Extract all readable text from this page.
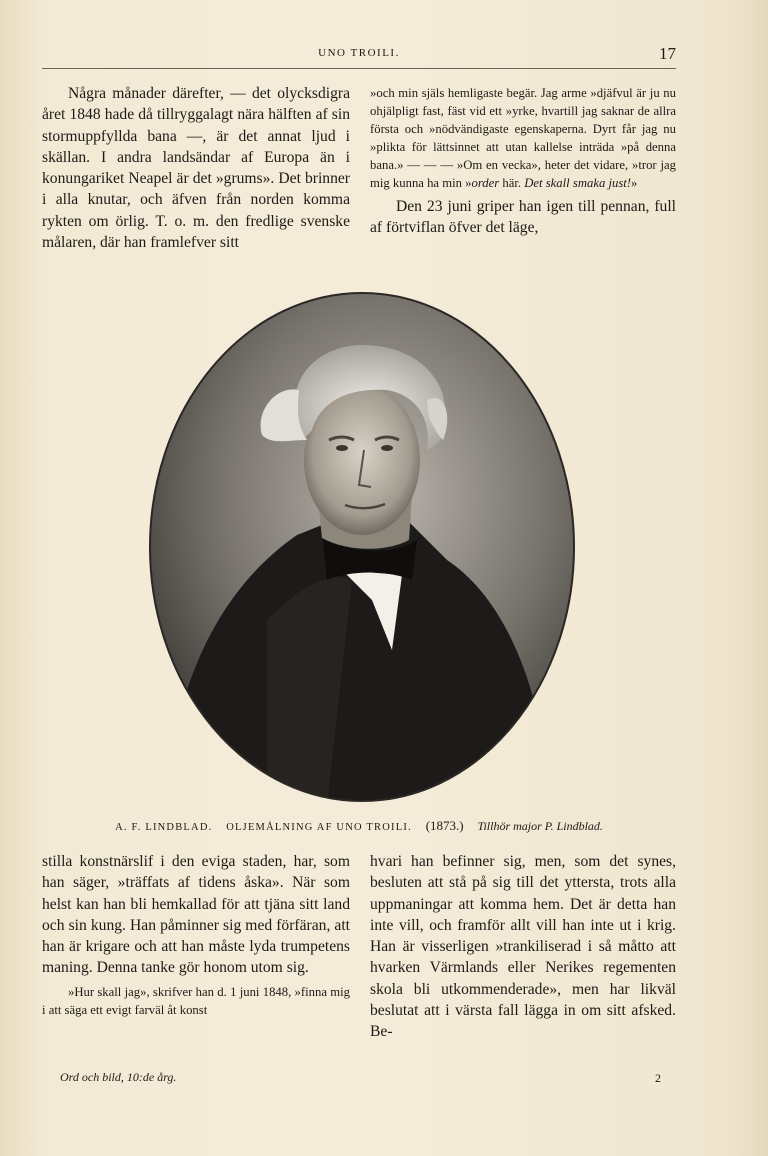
UNO TROILI.	17

Några månader därefter, — det olycksdigra året 1848 hade då tillryggalagt nära hälften af sin stormuppfyllda bana —, är det annat ljud i skällan. I andra landsändar af Europa än i konungariket Neapel är det »grums». Det brinner i alla knutar, och äfven från norden komma rykten om örlig. T. o. m. den fredlige svenske målaren, där han framlefver sitt

»och min själs hemligaste begär. Jag arme »djäfvul är ju nu ohjälpligt fast, fäst vid ett »yrke, hvartill jag saknar de allra första och »nödvändigaste egenskaperna. Dyrt får jag nu »plikta för lättsinnet att utan kallelse inträda »på denna bana.» — — — »Om en vecka», heter det vidare, »tror jag mig kunna ha min »order här. Det skall smaka just!»

Den 23 juni griper han igen till pennan, full af förtviflan öfver det läge,

A. F. LINDBLAD. OLJEMÅLNING AF UNO TROILI. (1873.) Tillhör major P. Lindblad.

stilla konstnärslif i den eviga staden, har, som han säger, »träffats af tidens åska». När som helst kan han bli hemkallad för att tjäna sitt land och sin kung. Han påminner sig med förfäran, att han är krigare och att han måste lyda trumpetens maning. Denna tanke gör honom utom sig.

»Hur skall jag», skrifver han d. 1 juni 1848, »finna mig i att säga ett evigt farväl åt konst

hvari han befinner sig, men, som det synes, besluten att stå på sig till det yttersta, trots alla uppmaningar att komma hem. Det är detta han inte vill, och framför allt vill han inte ut i krig. Han är visserligen »trankiliserad i så måtto att hvarken Värmlands eller Nerikes regementen skola bli utkommenderade», men har likväl beslutat att i värsta fall lägga in om sitt afsked. Be-

Ord och bild, 10:de årg.	2
